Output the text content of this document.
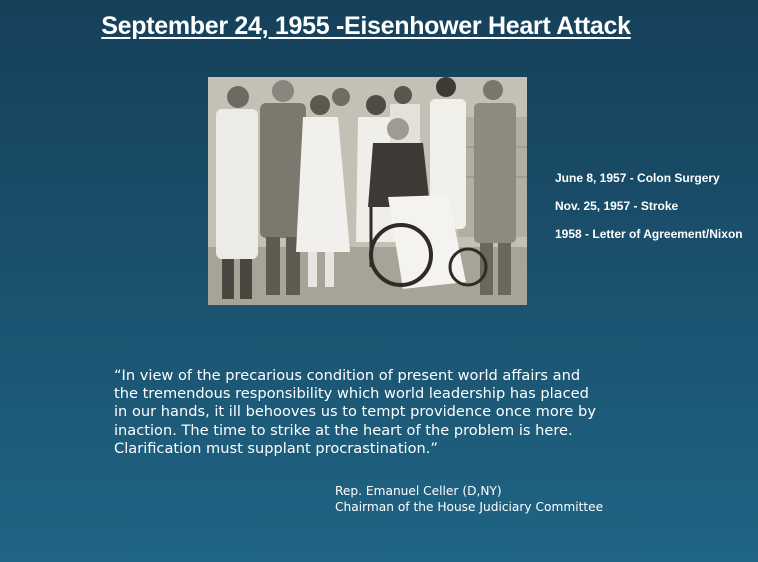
September 24, 1955 -Eisenhower Heart Attack
June 8, 1957 - Colon Surgery
Nov. 25, 1957 - Stroke
1958 - Letter of Agreement/Nixon
“In view of the precarious condition of present world affairs and
the tremendous responsibility which world leadership has placed
in our hands, it ill behooves us to tempt providence once more by
inaction. The time to strike at the heart of the problem is here.
Clarification must supplant procrastination.”
Rep. Emanuel Celler (D,NY)
Chairman of the House Judiciary Committee
